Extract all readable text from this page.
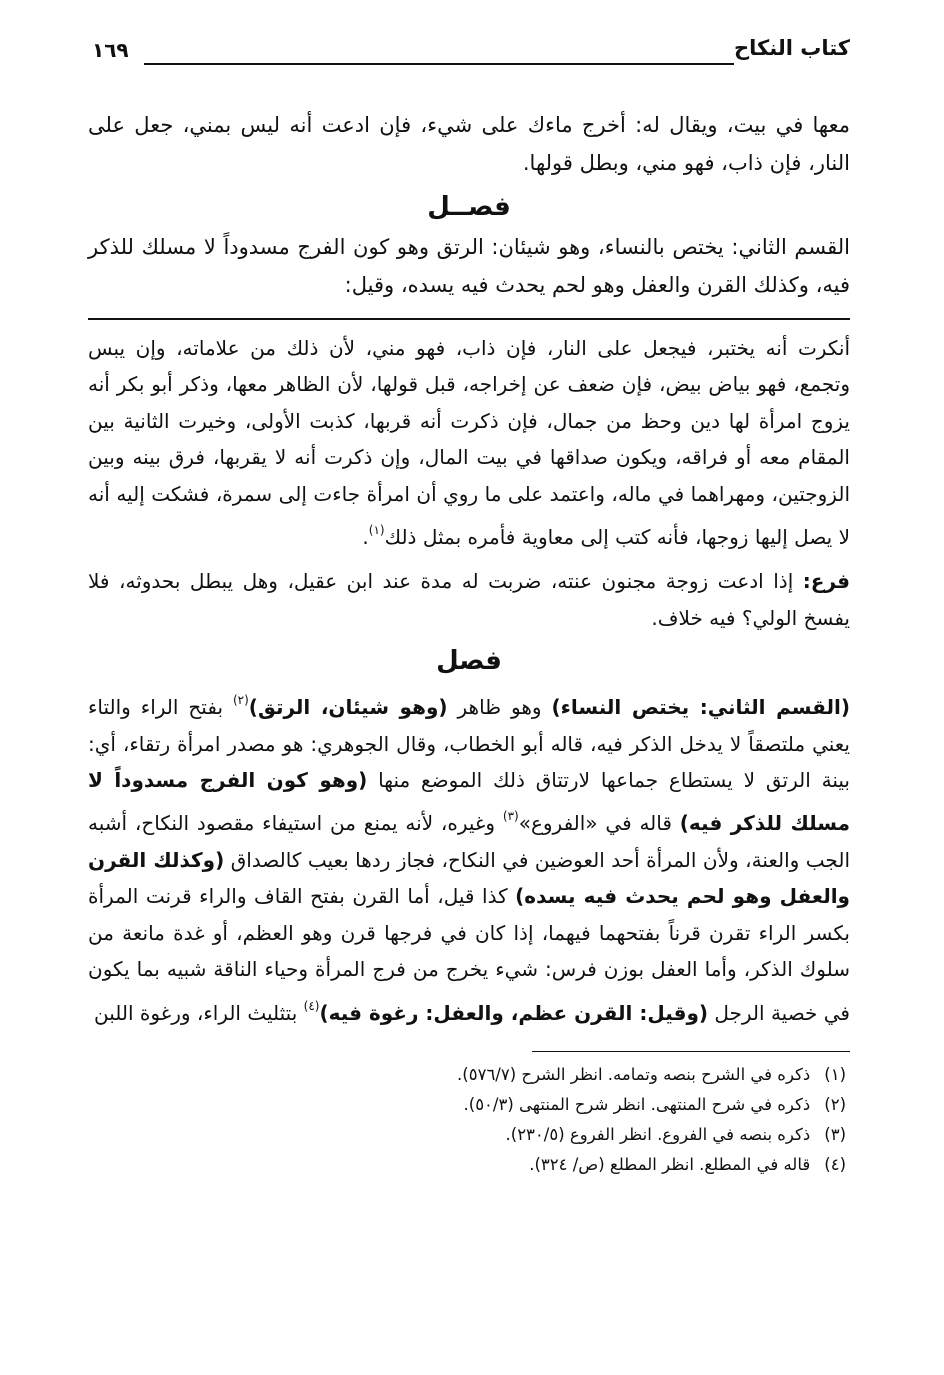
كتاب النكاح
١٦٩

معها في بيت، ويقال له: أخرج ماءك على شيء، فإن ادعت أنه ليس بمني، جعل على النار، فإن ذاب، فهو مني، وبطل قولها.

فصــل

القسم الثاني: يختص بالنساء، وهو شيئان: الرتق وهو كون الفرج مسدوداً لا مسلك للذكر فيه، وكذلك القرن والعفل وهو لحم يحدث فيه يسده، وقيل:

أنكرت أنه يختبر، فيجعل على النار، فإن ذاب، فهو مني، لأن ذلك من علاماته، وإن يبس وتجمع، فهو بياض بيض، فإن ضعف عن إخراجه، قبل قولها، لأن الظاهر معها، وذكر أبو بكر أنه يزوج امرأة لها دين وحظ من جمال، فإن ذكرت أنه قربها، كذبت الأولى، وخيرت الثانية بين المقام معه أو فراقه، ويكون صداقها في بيت المال، وإن ذكرت أنه لا يقربها، فرق بينه وبين الزوجتين، ومهراهما في ماله، واعتمد على ما روي أن امرأة جاءت إلى سمرة، فشكت إليه أنه لا يصل إليها زوجها، فأنه كتب إلى معاوية فأمره بمثل ذلك$^{(١)}$.

فرع: إذا ادعت زوجة مجنون عنته، ضربت له مدة عند ابن عقيل، وهل يبطل بحدوثه، فلا يفسخ الولي؟ فيه خلاف.

فصل

(القسم الثاني: يختص النساء) وهو ظاهر (وهو شيئان، الرتق)$^{(٢)}$ بفتح الراء والتاء يعني ملتصقاً لا يدخل الذكر فيه، قاله أبو الخطاب، وقال الجوهري: هو مصدر امرأة رتقاء، أي: بينة الرتق لا يستطاع جماعها لارتتاق ذلك الموضع منها (وهو كون الفرج مسدوداً لا مسلك للذكر فيه) قاله في «الفروع»$^{(٣)}$ وغيره، لأنه يمنع من استيفاء مقصود النكاح، أشبه الجب والعنة، ولأن المرأة أحد العوضين في النكاح، فجاز ردها بعيب كالصداق (وكذلك القرن والعفل وهو لحم يحدث فيه يسده) كذا قيل، أما القرن بفتح القاف والراء قرنت المرأة بكسر الراء تقرن قرناً بفتحهما فيهما، إذا كان في فرجها قرن وهو العظم، أو غدة مانعة من سلوك الذكر، وأما العفل بوزن فرس: شيء يخرج من فرج المرأة وحياء الناقة شبيه بما يكون في خصية الرجل (وقيل: القرن عظم، والعفل: رغوة فيه)$^{(٤)}$ بتثليث الراء، ورغوة اللبن

(١)
ذكره في الشرح بنصه وتمامه. انظر الشرح (٥٧٦/٧).
(٢)
ذكره في شرح المنتهى. انظر شرح المنتهى (٥٠/٣).
(٣)
ذكره بنصه في الفروع. انظر الفروع (٢٣٠/٥).
(٤)
قاله في المطلع. انظر المطلع (ص/ ٣٢٤).
